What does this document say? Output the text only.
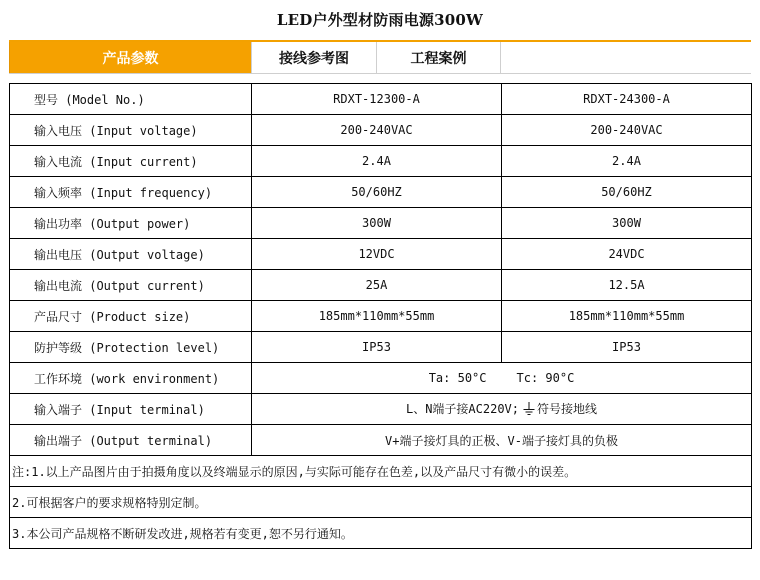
LED户外型材防雨电源300W
产品参数	接线参考图	工程案例
型号 (Model No.)	RDXT-12300-A	RDXT-24300-A
输入电压 (Input voltage)	200-240VAC	200-240VAC
输入电流 (Input current)	2.4A	2.4A
输入频率 (Input frequency)	50/60HZ	50/60HZ
输出功率 (Output power)	300W	300W
输出电压 (Output voltage)	12VDC	24VDC
输出电流 (Output current)	25A	12.5A
产品尺寸 (Product size)	185mm*110mm*55mm	185mm*110mm*55mm
防护等级 (Protection level)	IP53	IP53
工作环境 (work environment)	Ta: 50°C Tc: 90°C	
输入端子 (Input terminal)	L、N端子接AC220V; 符号接地线	
输出端子 (Output terminal)	V+端子接灯具的正极、V-端子接灯具的负极	
注:1.以上产品图片由于拍摄角度以及终端显示的原因,与实际可能存在色差,以及产品尺寸有微小的误差。		
2.可根据客户的要求规格特别定制。		
3.本公司产品规格不断研发改进,规格若有变更,恕不另行通知。		
